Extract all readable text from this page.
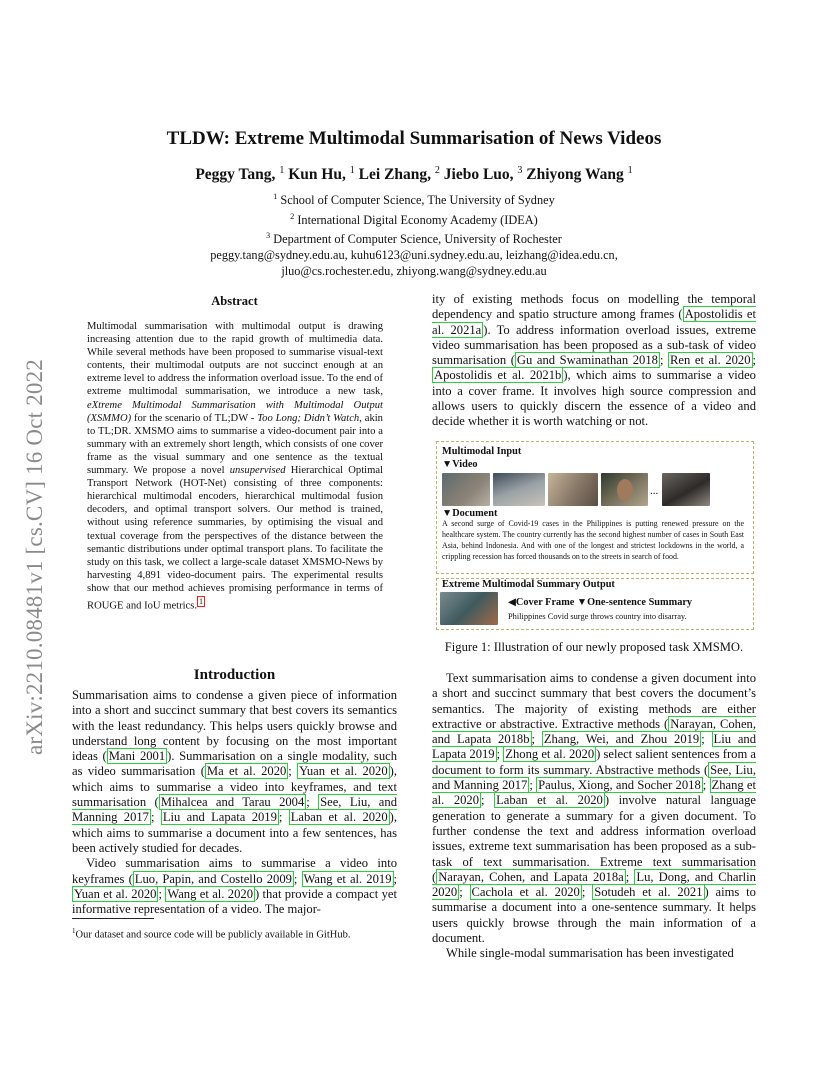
arXiv:2210.08481v1 [cs.CV] 16 Oct 2022
TLDW: Extreme Multimodal Summarisation of News Videos
Peggy Tang, $^1$ Kun Hu, $^1$ Lei Zhang, $^2$ Jiebo Luo, $^3$ Zhiyong Wang $^1$
$^1$ School of Computer Science, The University of Sydney
$^2$ International Digital Economy Academy (IDEA)
$^3$ Department of Computer Science, University of Rochester
peggy.tang@sydney.edu.au, kuhu6123@uni.sydney.edu.au, leizhang@idea.edu.cn,
jluo@cs.rochester.edu, zhiyong.wang@sydney.edu.au
Abstract
Multimodal summarisation with multimodal output is drawing increasing attention due to the rapid growth of multimedia data. While several methods have been proposed to summarise visual-text contents, their multimodal outputs are not succinct enough at an extreme level to address the information overload issue. To the end of extreme multimodal summarisation, we introduce a new task, eXtreme Multimodal Summarisation with Multimodal Output (XSMMO) for the scenario of TL;DW - Too Long; Didn’t Watch, akin to TL;DR. XMSMO aims to summarise a video-document pair into a summary with an extremely short length, which consists of one cover frame as the visual summary and one sentence as the textual summary. We propose a novel unsupervised Hierarchical Optimal Transport Network (HOT-Net) consisting of three components: hierarchical multimodal encoders, hierarchical multimodal fusion decoders, and optimal transport solvers. Our method is trained, without using reference summaries, by optimising the visual and textual coverage from the perspectives of the distance between the semantic distributions under optimal transport plans. To facilitate the study on this task, we collect a large-scale dataset XMSMO-News by harvesting 4,891 video-document pairs. The experimental results show that our method achieves promising performance in terms of ROUGE and IoU metrics. $^1$
Introduction
Summarisation aims to condense a given piece of information into a short and succinct summary that best covers its semantics with the least redundancy. This helps users quickly browse and understand long content by focusing on the most important ideas ( Mani 2001 ). Summarisation on a single modality, such as video summarisation ( Ma et al. 2020 ; Yuan et al. 2020 ), which aims to summarise a video into keyframes, and text summarisation ( Mihalcea and Tarau 2004 ; See, Liu, and Manning 2017 ; Liu and Lapata 2019 ; Laban et al. 2020 ), which aims to summarise a document into a few sentences, has been actively studied for decades.
Video summarisation aims to summarise a video into keyframes ( Luo, Papin, and Costello 2009 ; Wang et al. 2019 ; Yuan et al. 2020 ; Wang et al. 2020 ) that provide a compact yet informative representation of a video. The major-
$^1$Our dataset and source code will be publicly available in GitHub.
ity of existing methods focus on modelling the temporal dependency and spatio structure among frames ( Apostolidis et al. 2021a ). To address information overload issues, extreme video summarisation has been proposed as a sub-task of video summarisation ( Gu and Swaminathan 2018 ; Ren et al. 2020 ; Apostolidis et al. 2021b ), which aims to summarise a video into a cover frame. It involves high source compression and allows users to quickly discern the essence of a video and decide whether it is worth watching or not.
Multimodal Input
▼Video
...
▼Document
A second surge of Covid-19 cases in the Philippines is putting renewed pressure on the healthcare system. The country currently has the second highest number of cases in South East Asia, behind Indonesia. And with one of the longest and strictest lockdowns in the world, a crippling recession has forced thousands on to the streets in search of food.
Extreme Multimodal Summary Output
◀Cover Frame ▼One-sentence Summary
Philippines Covid surge throws country into disarray.
Figure 1: Illustration of our newly proposed task XMSMO.
Text summarisation aims to condense a given document into a short and succinct summary that best covers the document’s semantics. The majority of existing methods are either extractive or abstractive. Extractive methods ( Narayan, Cohen, and Lapata 2018b ; Zhang, Wei, and Zhou 2019 ; Liu and Lapata 2019 ; Zhong et al. 2020 ) select salient sentences from a document to form its summary. Abstractive methods ( See, Liu, and Manning 2017 ; Paulus, Xiong, and Socher 2018 ; Zhang et al. 2020 ; Laban et al. 2020 ) involve natural language generation to generate a summary for a given document. To further condense the text and address information overload issues, extreme text summarisation has been proposed as a sub-task of text summarisation. Extreme text summarisation ( Narayan, Cohen, and Lapata 2018a ; Lu, Dong, and Charlin 2020 ; Cachola et al. 2020 ; Sotudeh et al. 2021 ) aims to summarise a document into a one-sentence summary. It helps users quickly browse through the main information of a document.
While single-modal summarisation has been investigated
